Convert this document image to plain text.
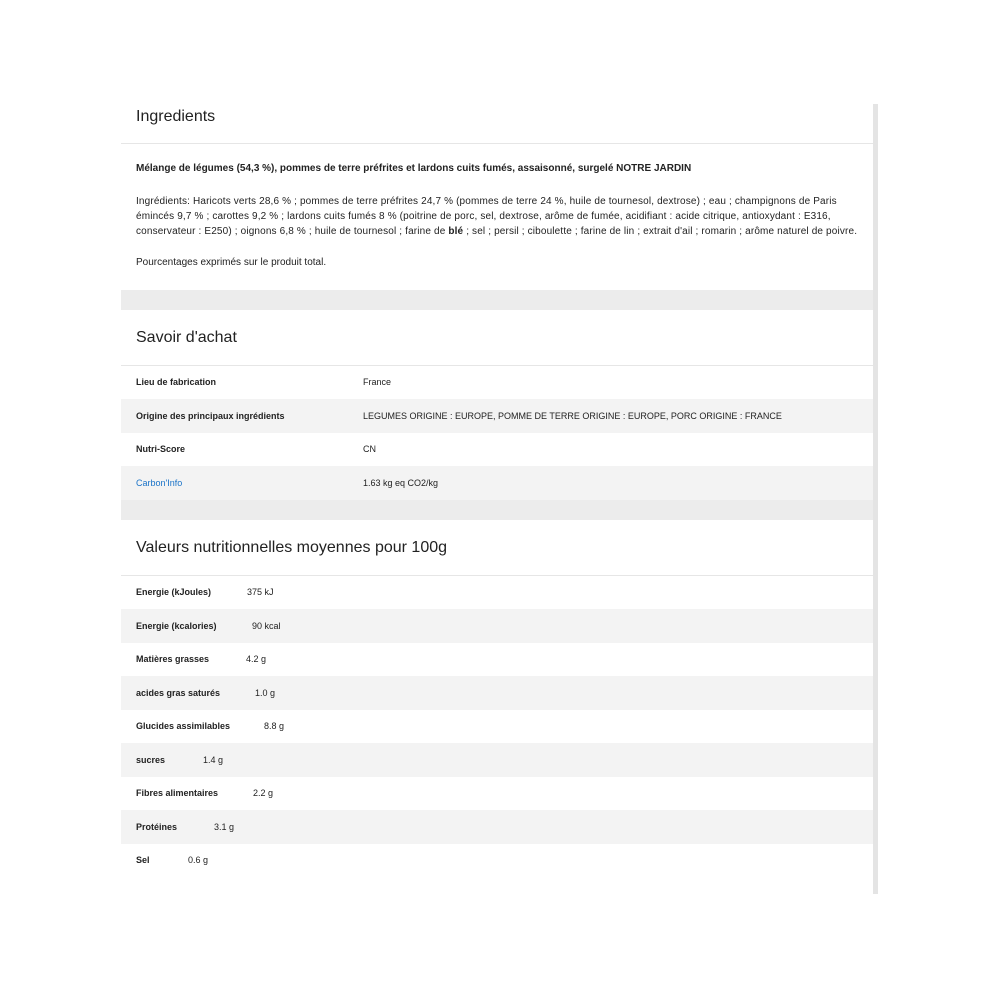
Ingredients

Mélange de légumes (54,3 %), pommes de terre préfrites et lardons cuits fumés, assaisonné, surgelé NOTRE JARDIN

Ingrédients: Haricots verts 28,6 % ; pommes de terre préfrites 24,7 % (pommes de terre 24 %, huile de tournesol, dextrose) ; eau ; champignons de Paris émincés 9,7 % ; carottes 9,2 % ; lardons cuits fumés 8 % (poitrine de porc, sel, dextrose, arôme de fumée, acidifiant : acide citrique, antioxydant : E316, conservateur : E250) ; oignons 6,8 % ; huile de tournesol ; farine de blé ; sel ; persil ; ciboulette ; farine de lin ; extrait d'ail ; romarin ; arôme naturel de poivre.

Pourcentages exprimés sur le produit total.

Savoir d'achat
Lieu de fabrication	France
Origine des principaux ingrédients	LEGUMES ORIGINE : EUROPE, POMME DE TERRE ORIGINE : EUROPE, PORC ORIGINE : FRANCE
Nutri-Score	CN
Carbon'Info	1.63 kg eq CO2/kg
Valeurs nutritionnelles moyennes pour 100g
Energie (kJoules)	375 kJ
Energie (kcalories)	90 kcal
Matières grasses	4.2 g
acides gras saturés	1.0 g
Glucides assimilables	8.8 g
sucres	1.4 g
Fibres alimentaires	2.2 g
Protéines	3.1 g
Sel	0.6 g
